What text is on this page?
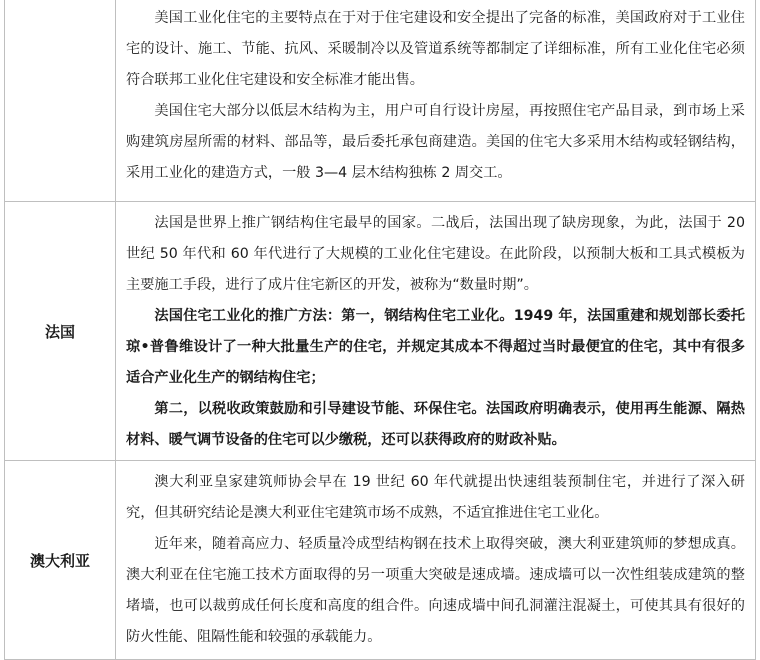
	美国工业化住宅的主要特点在于对于住宅建设和安全提出了完备的标准，美国政府对于工业住宅的设计、施工、节能、抗风、采暖制冷以及管道系统等都制定了详细标准，所有工业化住宅必须符合联邦工业化住宅建设和安全标准才能出售。

美国住宅大部分以低层木结构为主，用户可自行设计房屋，再按照住宅产品目录，到市场上采购建筑房屋所需的材料、部品等，最后委托承包商建造。美国的住宅大多采用木结构或轻钢结构，采用工业化的建造方式，一般 3—4 层木结构独栋 2 周交工。

法国	法国是世界上推广钢结构住宅最早的国家。二战后，法国出现了缺房现象，为此，法国于 20 世纪 50 年代和 60 年代进行了大规模的工业化住宅建设。在此阶段，以预制大板和工具式模板为主要施工手段，进行了成片住宅新区的开发，被称为“数量时期”。

法国住宅工业化的推广方法：第一，钢结构住宅工业化。1949 年，法国重建和规划部长委托琼•普鲁维设计了一种大批量生产的住宅，并规定其成本不得超过当时最便宜的住宅，其中有很多适合产业化生产的钢结构住宅；

第二，以税收政策鼓励和引导建设节能、环保住宅。法国政府明确表示，使用再生能源、隔热材料、暖气调节设备的住宅可以少缴税，还可以获得政府的财政补贴。

澳大利亚	澳大利亚皇家建筑师协会早在 19 世纪 60 年代就提出快速组装预制住宅，并进行了深入研究，但其研究结论是澳大利亚住宅建筑市场不成熟，不适宜推进住宅工业化。

近年来，随着高应力、轻质量冷成型结构钢在技术上取得突破，澳大利亚建筑师的梦想成真。澳大利亚在住宅施工技术方面取得的另一项重大突破是速成墙。速成墙可以一次性组装成建筑的整堵墙，也可以裁剪成任何长度和高度的组合件。向速成墙中间孔洞灌注混凝土，可使其具有很好的防火性能、阻隔性能和较强的承载能力。
